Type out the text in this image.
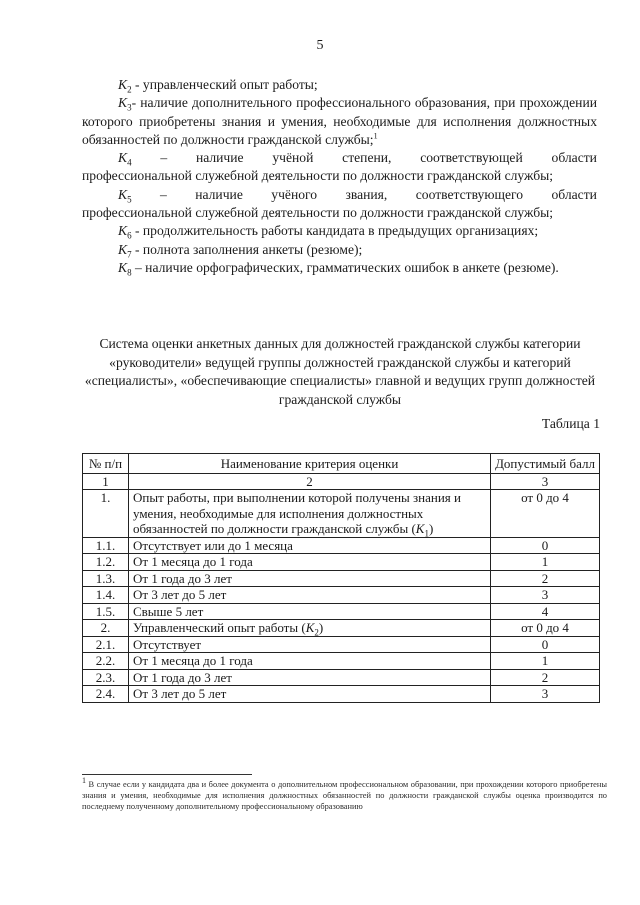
5

$K_2$ - управленческий опыт работы;

$K_3-$ наличие дополнительного профессионального образования, при прохождении которого приобретены знания и умения, необходимые для исполнения должностных обязанностей по должности гражданской службы;$^1$

$K_4$ – наличие учёной степени, соответствующей области
профессиональной служебной деятельности по должности гражданской службы;

$K_5$ – наличие учёного звания, соответствующего области
профессиональной служебной деятельности по должности гражданской службы;

$K_6$ - продолжительность работы кандидата в предыдущих организациях;

$K_7$ - полнота заполнения анкеты (резюме);

$K_8$ – наличие орфографических, грамматических ошибок в анкете (резюме).

Система оценки анкетных данных для должностей гражданской службы категории «руководители» ведущей группы должностей гражданской службы и категорий «специалисты», «обеспечивающие специалисты» главной и ведущих групп должностей гражданской службы
Таблица 1
№ п/п	Наименование критерия оценки	Допустимый балл
1	2	3
1.	Опыт работы, при выполнении которой получены знания и умения, необходимые для исполнения должностных обязанностей по должности гражданской службы $(K_1)$	от 0 до 4
1.1.	Отсутствует или до 1 месяца	0
1.2.	От 1 месяца до 1 года	1
1.3.	От 1 года до 3 лет	2
1.4.	От 3 лет до 5 лет	3
1.5.	Свыше 5 лет	4
2.	Управленческий опыт работы $(K_2)$	от 0 до 4
2.1.	Отсутствует	0
2.2.	От 1 месяца до 1 года	1
2.3.	От 1 года до 3 лет	2
2.4.	От 3 лет до 5 лет	3
$^1$ В случае если у кандидата два и более документа о дополнительном профессиональном образовании, при прохождении которого приобретены знания и умения, необходимые для исполнения должностных обязанностей по должности гражданской службы оценка производится по последнему полученному дополнительному профессиональному образованию
